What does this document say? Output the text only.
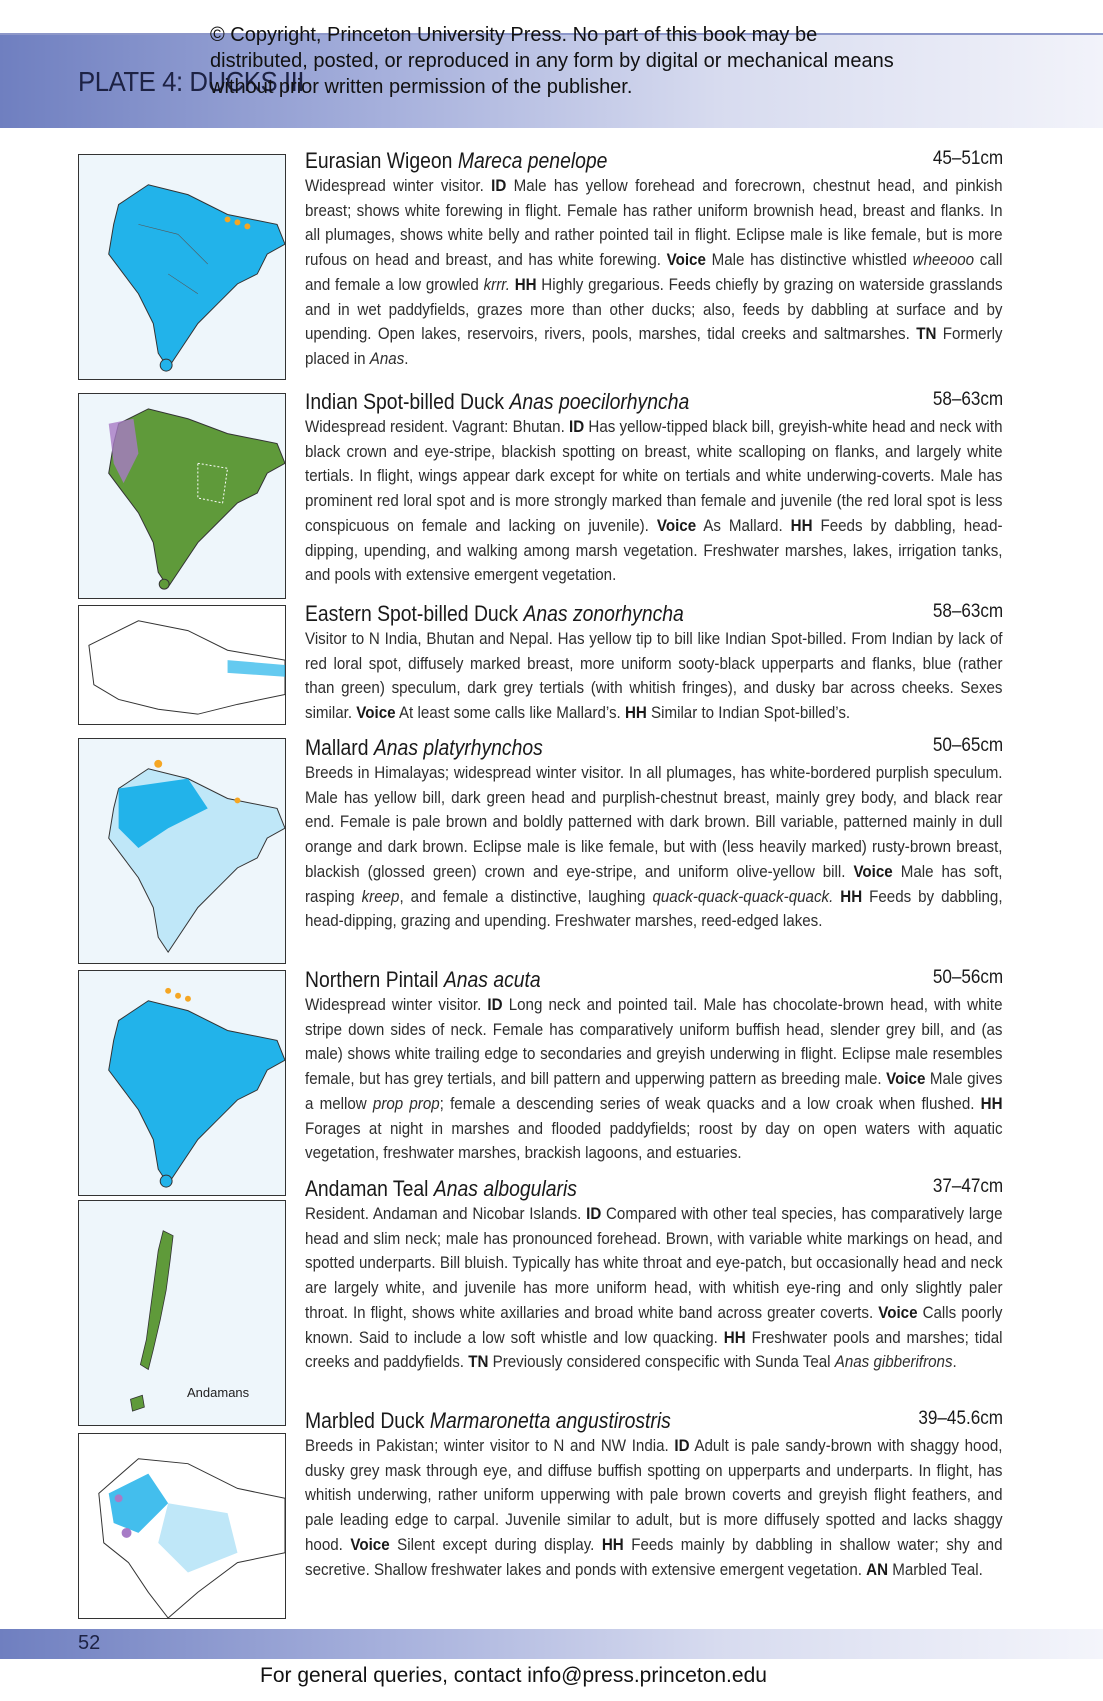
PLATE 4: DUCKS III
© Copyright, Princeton University Press. No part of this book may be distributed, posted, or reproduced in any form by digital or mechanical means without prior written permission of the publisher.
Andamans
Eurasian Wigeon Mareca penelope	45–51cm
Widespread winter visitor. ID Male has yellow forehead and forecrown, chestnut head, and pinkish breast; shows white forewing in flight. Female has rather uniform brownish head, breast and flanks. In all plumages, shows white belly and rather pointed tail in flight. Eclipse male is like female, but is more rufous on head and breast, and has white forewing. Voice Male has distinctive whistled wheeooo call and female a low growled krrr. HH Highly gregarious. Feeds chiefly by grazing on waterside grasslands and in wet paddyfields, grazes more than other ducks; also, feeds by dabbling at surface and by upending. Open lakes, reservoirs, rivers, pools, marshes, tidal creeks and saltmarshes. TN Formerly placed in Anas.
Indian Spot-billed Duck Anas poecilorhyncha	58–63cm
Widespread resident. Vagrant: Bhutan. ID Has yellow-tipped black bill, greyish-white head and neck with black crown and eye-stripe, blackish spotting on breast, white scalloping on flanks, and largely white tertials. In flight, wings appear dark except for white on tertials and white underwing-coverts. Male has prominent red loral spot and is more strongly marked than female and juvenile (the red loral spot is less conspicuous on female and lacking on juvenile). Voice As Mallard. HH Feeds by dabbling, head-dipping, upending, and walking among marsh vegetation. Freshwater marshes, lakes, irrigation tanks, and pools with extensive emergent vegetation.
Eastern Spot-billed Duck Anas zonorhyncha	58–63cm
Visitor to N India, Bhutan and Nepal. Has yellow tip to bill like Indian Spot-billed. From Indian by lack of red loral spot, diffusely marked breast, more uniform sooty-black upperparts and flanks, blue (rather than green) speculum, dark grey tertials (with whitish fringes), and dusky bar across cheeks. Sexes similar. Voice At least some calls like Mallard’s. HH Similar to Indian Spot-billed’s.
Mallard Anas platyrhynchos	50–65cm
Breeds in Himalayas; widespread winter visitor. In all plumages, has white-bordered purplish speculum. Male has yellow bill, dark green head and purplish-chestnut breast, mainly grey body, and black rear end. Female is pale brown and boldly patterned with dark brown. Bill variable, patterned mainly in dull orange and dark brown. Eclipse male is like female, but with (less heavily marked) rusty-brown breast, blackish (glossed green) crown and eye-stripe, and uniform olive-yellow bill. Voice Male has soft, rasping kreep, and female a distinctive, laughing quack-quack-quack-quack. HH Feeds by dabbling, head-dipping, grazing and upending. Freshwater marshes, reed-edged lakes.
Northern Pintail Anas acuta	50–56cm
Widespread winter visitor. ID Long neck and pointed tail. Male has chocolate-brown head, with white stripe down sides of neck. Female has comparatively uniform buffish head, slender grey bill, and (as male) shows white trailing edge to secondaries and greyish underwing in flight. Eclipse male resembles female, but has grey tertials, and bill pattern and upperwing pattern as breeding male. Voice Male gives a mellow prop prop; female a descending series of weak quacks and a low croak when flushed. HH Forages at night in marshes and flooded paddyfields; roost by day on open waters with aquatic vegetation, freshwater marshes, brackish lagoons, and estuaries.
Andaman Teal Anas albogularis	37–47cm
Resident. Andaman and Nicobar Islands. ID Compared with other teal species, has comparatively large head and slim neck; male has pronounced forehead. Brown, with variable white markings on head, and spotted underparts. Bill bluish. Typically has white throat and eye-patch, but occasionally head and neck are largely white, and juvenile has more uniform head, with whitish eye-ring and only slightly paler throat. In flight, shows white axillaries and broad white band across greater coverts. Voice Calls poorly known. Said to include a low soft whistle and low quacking. HH Freshwater pools and marshes; tidal creeks and paddyfields. TN Previously considered conspecific with Sunda Teal Anas gibberifrons.
Marbled Duck Marmaronetta angustirostris	39–45.6cm
Breeds in Pakistan; winter visitor to N and NW India. ID Adult is pale sandy-brown with shaggy hood, dusky grey mask through eye, and diffuse buffish spotting on upperparts and underparts. In flight, has whitish underwing, rather uniform upperwing with pale brown coverts and greyish flight feathers, and pale leading edge to carpal. Juvenile similar to adult, but is more diffusely spotted and lacks shaggy hood. Voice Silent except during display. HH Feeds mainly by dabbling in shallow water; shy and secretive. Shallow freshwater lakes and ponds with extensive emergent vegetation. AN Marbled Teal.
52
For general queries, contact info@press.princeton.edu
